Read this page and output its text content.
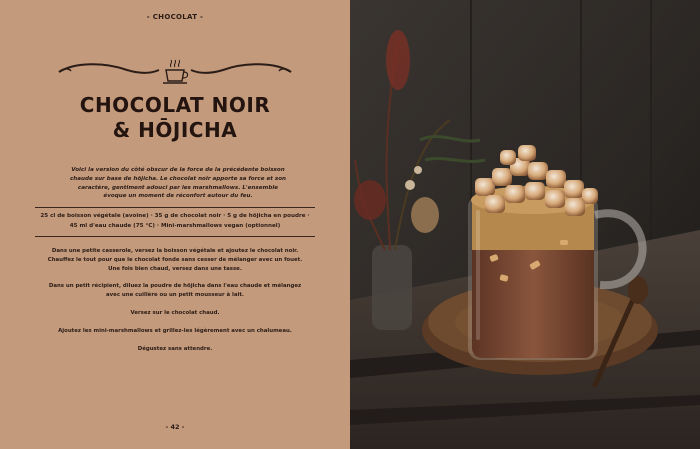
- CHOCOLAT -
CHOCOLAT NOIR
& HŌJICHA
Voici la version du côté obscur de la force de la précédente boisson chaude sur base de hōjicha. Le chocolat noir apporte sa force et son caractère, gentiment adouci par les marshmallows. L'ensemble évoque un moment de réconfort autour du feu.
25 cl de boisson végétale (avoine) · 35 g de chocolat noir · 5 g de hōjicha en poudre · 45 ml d'eau chaude (75 °C) · Mini-marshmallows vegan (optionnel)

Dans une petite casserole, versez la boisson végétale et ajoutez le chocolat noir. Chauffez le tout pour que le chocolat fonde sans cesser de mélanger avec un fouet. Une fois bien chaud, versez dans une tasse.

Dans un petit récipient, diluez la poudre de hōjicha dans l'eau chaude et mélangez avec une cuillère ou un petit mousseur à lait.

Versez sur le chocolat chaud.

Ajoutez les mini-marshmallows et grillez-les légèrement avec un chalumeau.

Dégustez sans attendre.

- 42 -
